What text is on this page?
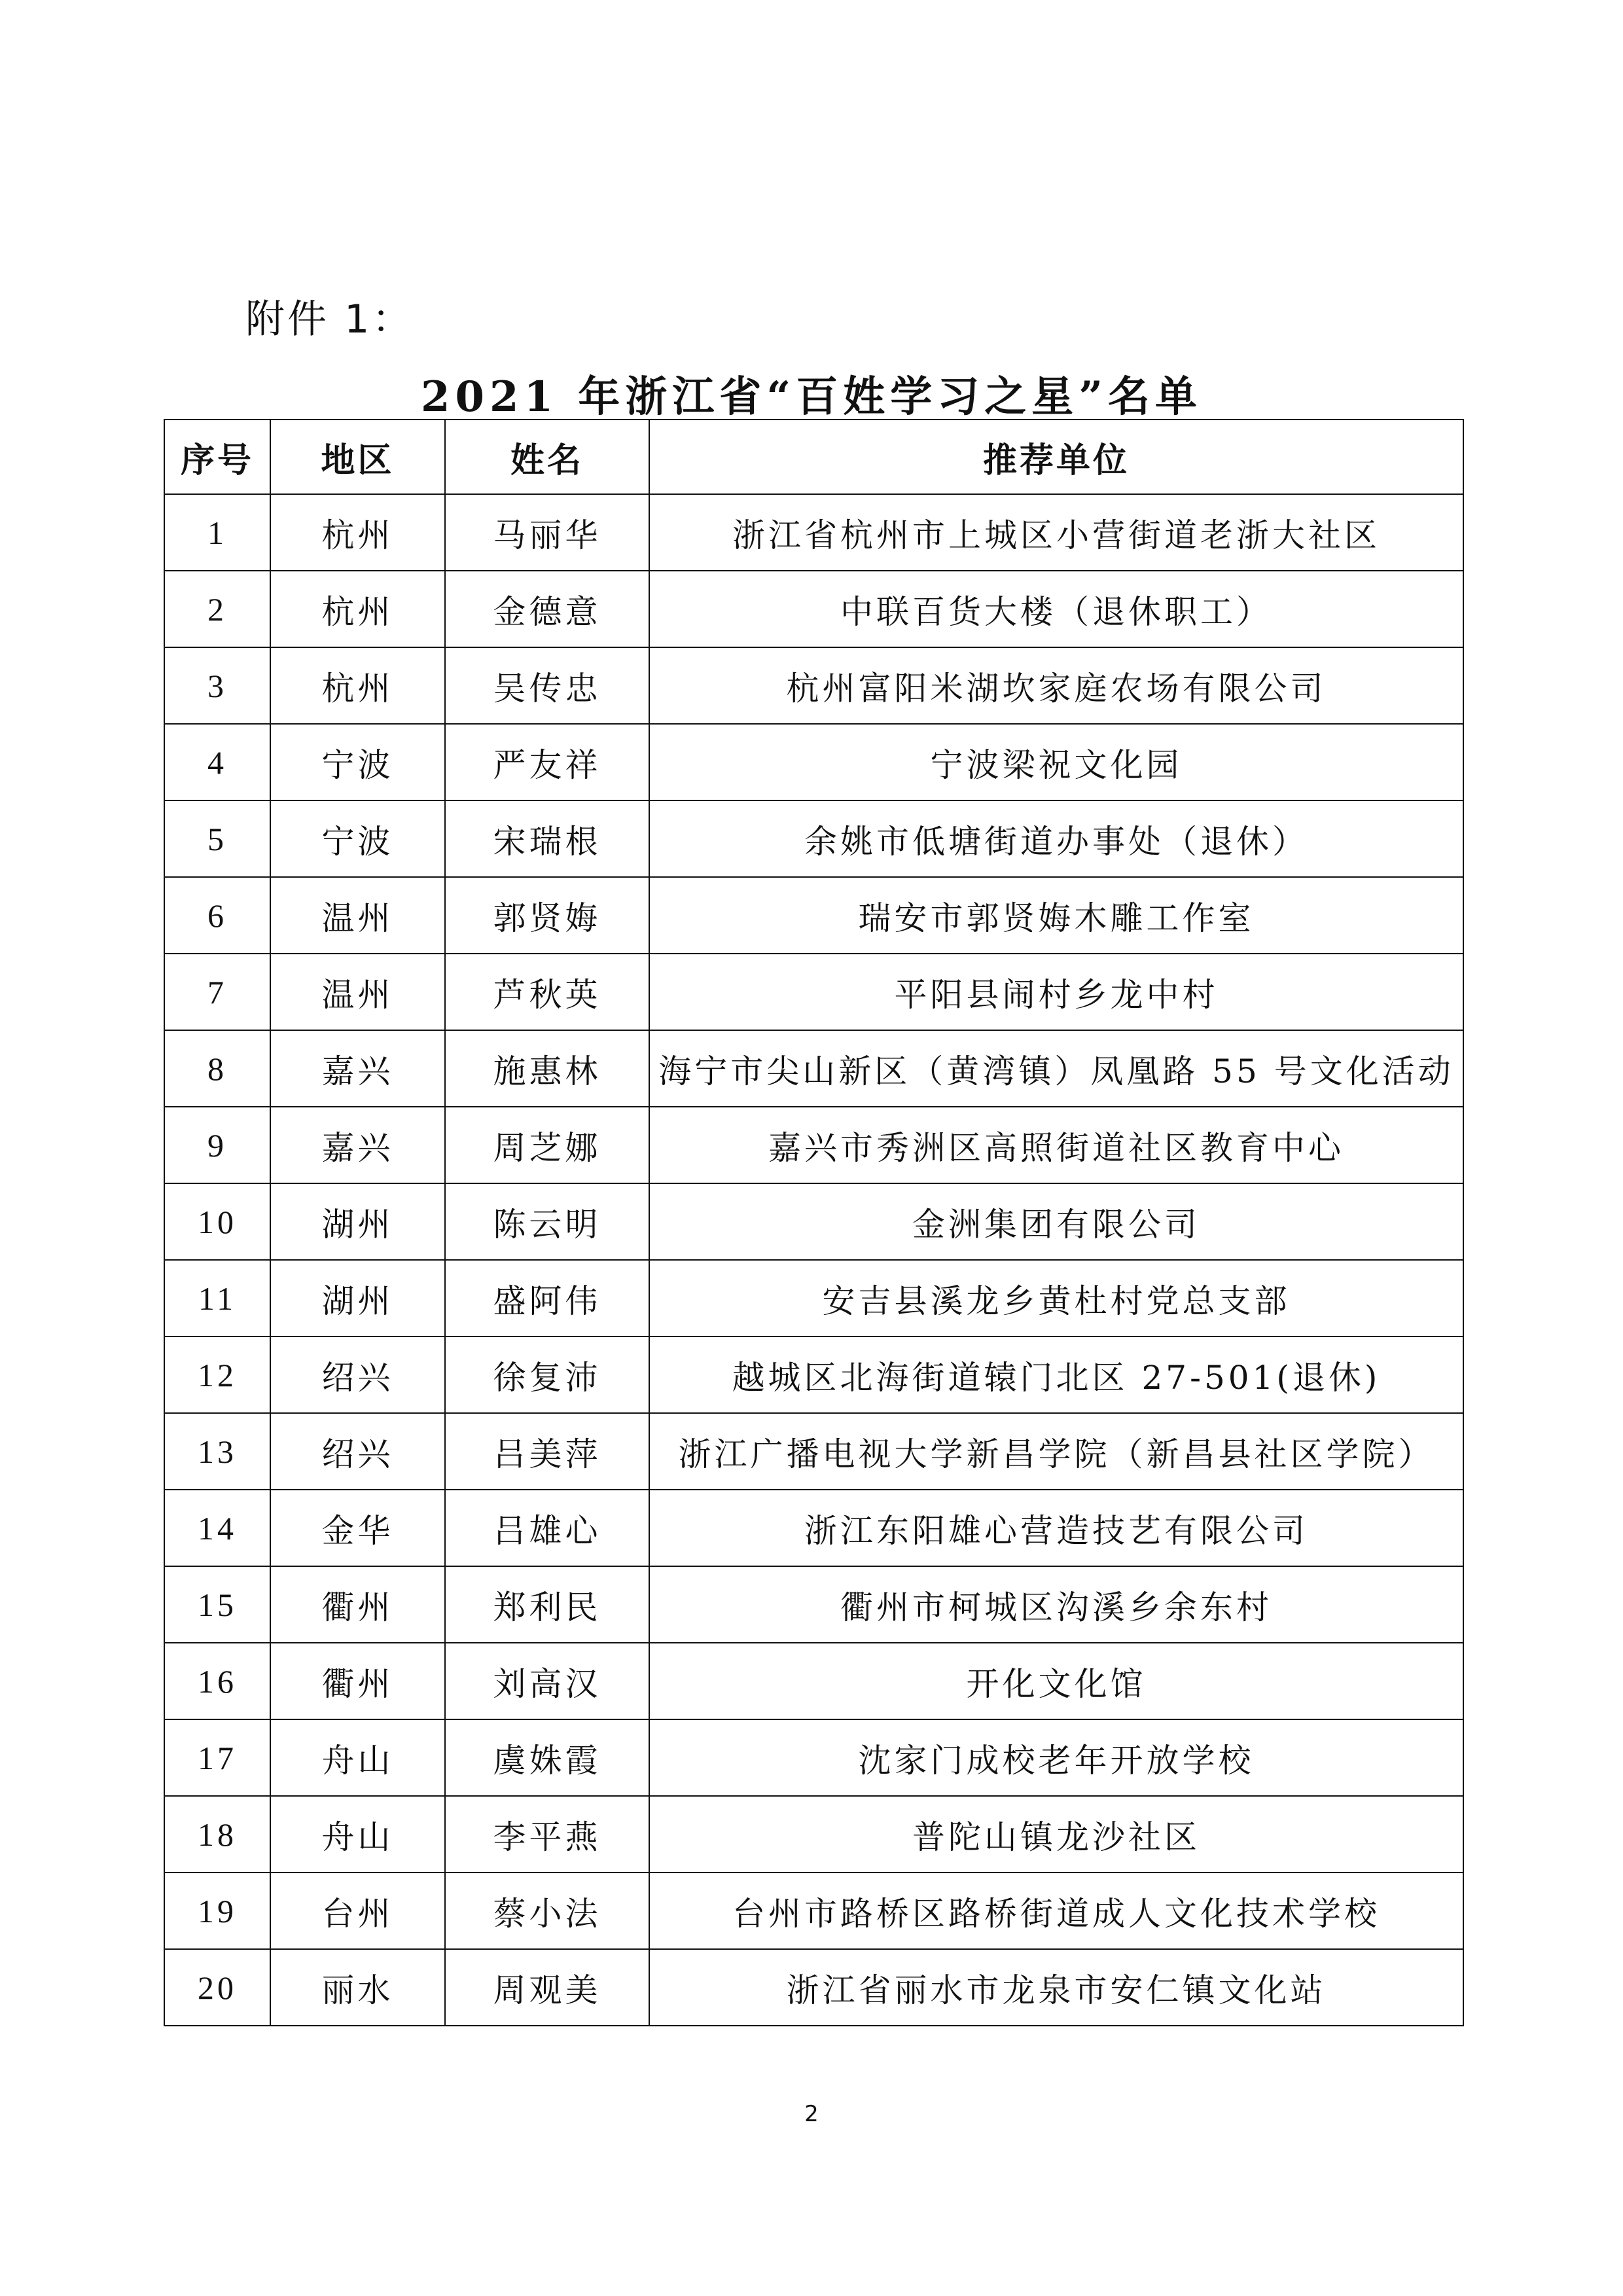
附件 1：
2021 年浙江省“百姓学习之星”名单
序号	地区	姓名	推荐单位
1	杭州	马丽华	浙江省杭州市上城区小营街道老浙大社区
2	杭州	金德意	中联百货大楼（退休职工）
3	杭州	吴传忠	杭州富阳米湖坎家庭农场有限公司
4	宁波	严友祥	宁波梁祝文化园
5	宁波	宋瑞根	余姚市低塘街道办事处（退休）
6	温州	郭贤娒	瑞安市郭贤娒木雕工作室
7	温州	芦秋英	平阳县闹村乡龙中村
8	嘉兴	施惠林	海宁市尖山新区（黄湾镇）凤凰路 55 号文化活动
9	嘉兴	周芝娜	嘉兴市秀洲区高照街道社区教育中心
10	湖州	陈云明	金洲集团有限公司
11	湖州	盛阿伟	安吉县溪龙乡黄杜村党总支部
12	绍兴	徐复沛	越城区北海街道辕门北区 27-501(退休)
13	绍兴	吕美萍	浙江广播电视大学新昌学院（新昌县社区学院）
14	金华	吕雄心	浙江东阳雄心营造技艺有限公司
15	衢州	郑利民	衢州市柯城区沟溪乡余东村
16	衢州	刘高汉	开化文化馆
17	舟山	虞姝霞	沈家门成校老年开放学校
18	舟山	李平燕	普陀山镇龙沙社区
19	台州	蔡小法	台州市路桥区路桥街道成人文化技术学校
20	丽水	周观美	浙江省丽水市龙泉市安仁镇文化站
2
